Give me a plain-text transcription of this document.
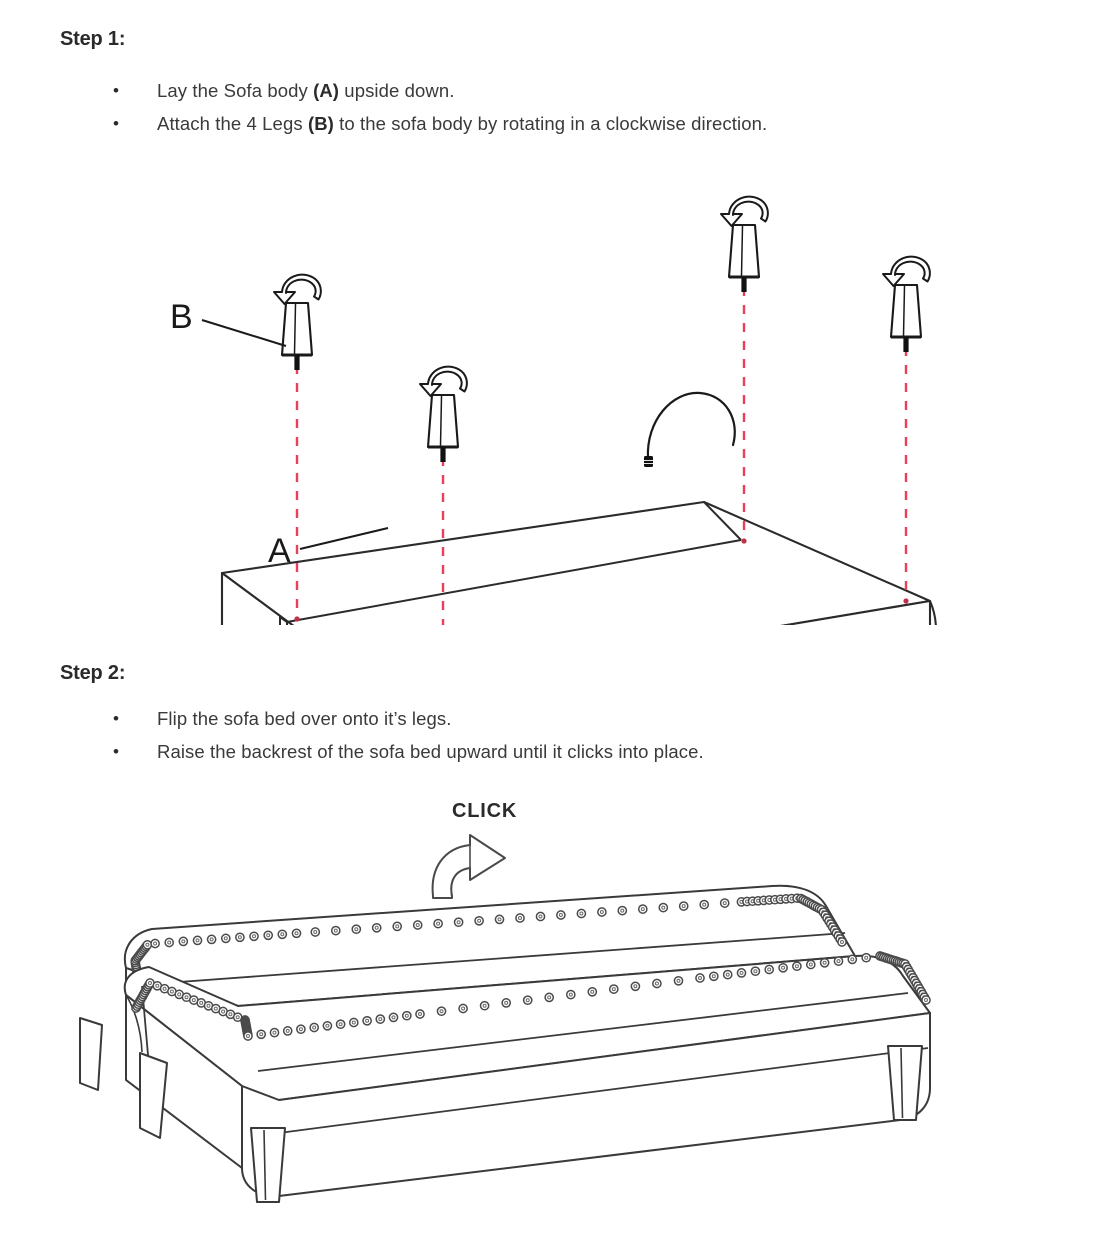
Step 1:
•	Lay the Sofa body (A) upside down.
•	Attach the 4 Legs (B) to the sofa body by rotating in a clockwise direction.
B
A
Step 2:
•	Flip the sofa bed over onto it’s legs.
•	Raise the backrest of the sofa bed upward until it clicks into place.
CLICK
